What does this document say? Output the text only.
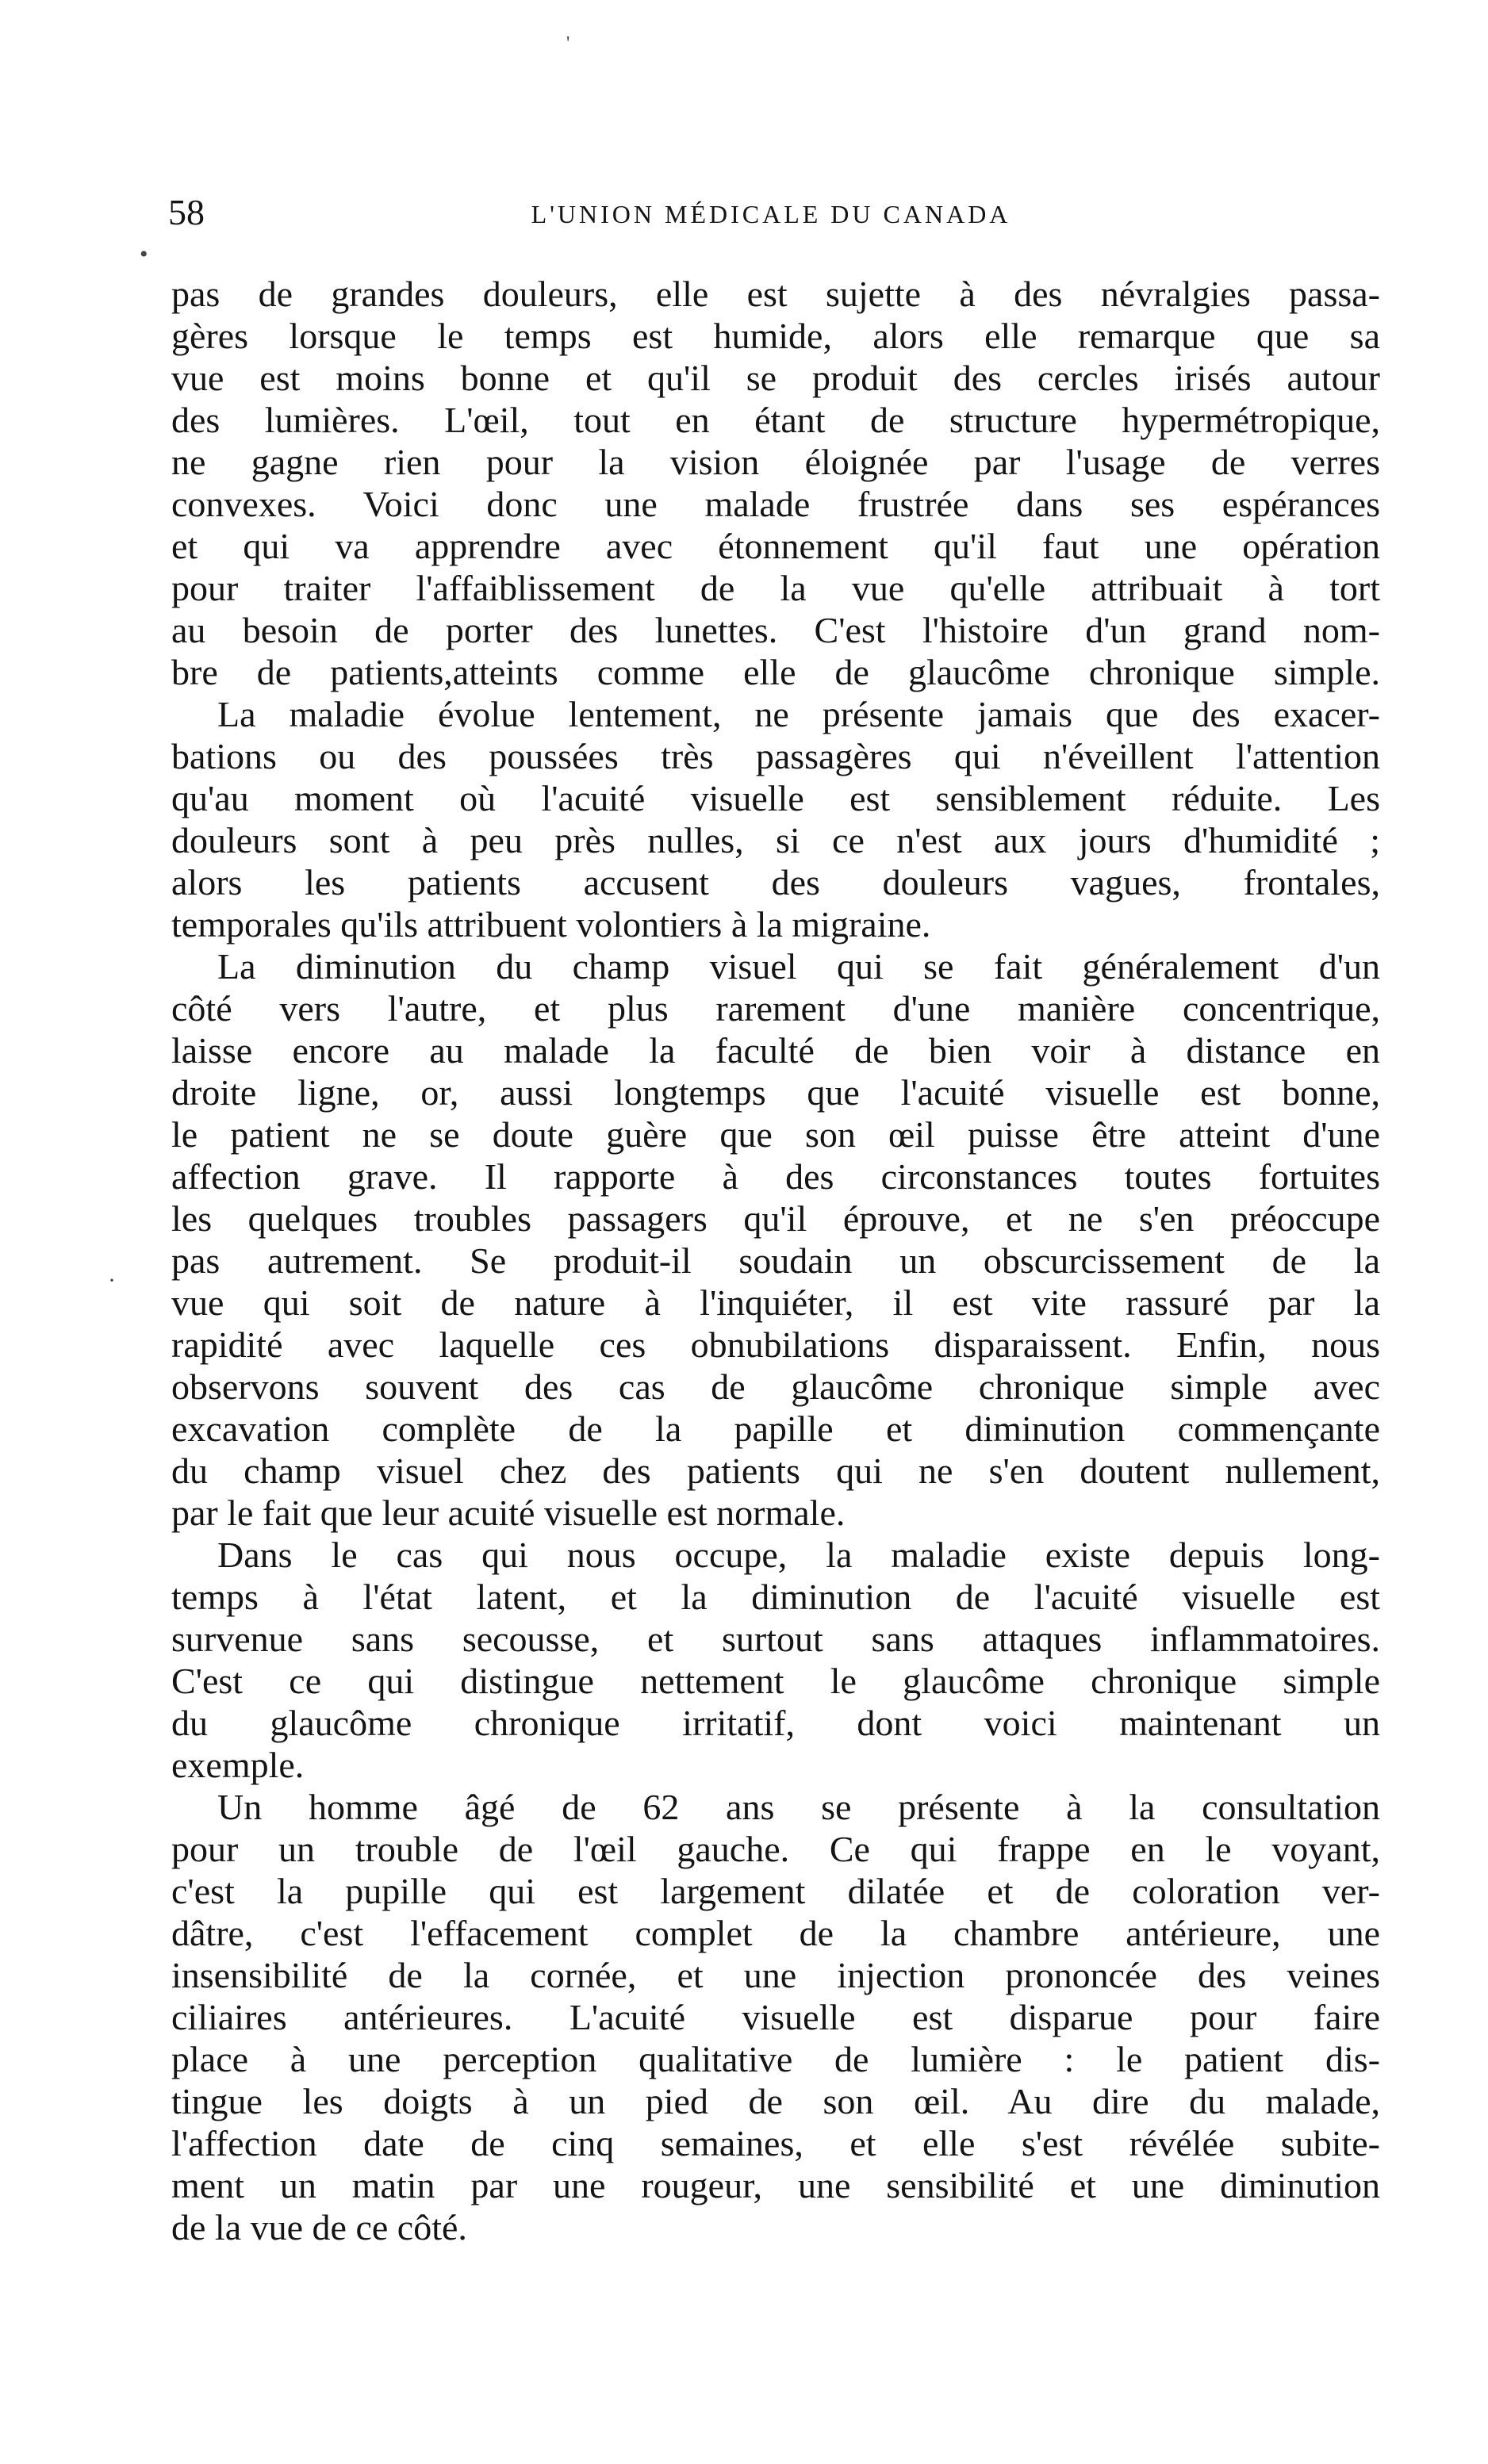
'
•
·
58	L'UNION MÉDICALE DU CANADA
pas de grandes douleurs, elle est sujette à des névralgies passa-
gères lorsque le temps est humide, alors elle remarque que sa
vue est moins bonne et qu'il se produit des cercles irisés autour
des lumières. L'œil, tout en étant de structure hypermétropique,
ne gagne rien pour la vision éloignée par l'usage de verres
convexes. Voici donc une malade frustrée dans ses espérances
et qui va apprendre avec étonnement qu'il faut une opération
pour traiter l'affaiblissement de la vue qu'elle attribuait à tort
au besoin de porter des lunettes. C'est l'histoire d'un grand nom-
bre de patients,atteints comme elle de glaucôme chronique simple.
La maladie évolue lentement, ne présente jamais que des exacer-
bations ou des poussées très passagères qui n'éveillent l'attention
qu'au moment où l'acuité visuelle est sensiblement réduite. Les
douleurs sont à peu près nulles, si ce n'est aux jours d'humidité ;
alors les patients accusent des douleurs vagues, frontales,
temporales qu'ils attribuent volontiers à la migraine.
La diminution du champ visuel qui se fait généralement d'un
côté vers l'autre, et plus rarement d'une manière concentrique,
laisse encore au malade la faculté de bien voir à distance en
droite ligne, or, aussi longtemps que l'acuité visuelle est bonne,
le patient ne se doute guère que son œil puisse être atteint d'une
affection grave. Il rapporte à des circonstances toutes fortuites
les quelques troubles passagers qu'il éprouve, et ne s'en préoccupe
pas autrement. Se produit-il soudain un obscurcissement de la
vue qui soit de nature à l'inquiéter, il est vite rassuré par la
rapidité avec laquelle ces obnubilations disparaissent. Enfin, nous
observons souvent des cas de glaucôme chronique simple avec
excavation complète de la papille et diminution commençante
du champ visuel chez des patients qui ne s'en doutent nullement,
par le fait que leur acuité visuelle est normale.
Dans le cas qui nous occupe, la maladie existe depuis long-
temps à l'état latent, et la diminution de l'acuité visuelle est
survenue sans secousse, et surtout sans attaques inflammatoires.
C'est ce qui distingue nettement le glaucôme chronique simple
du glaucôme chronique irritatif, dont voici maintenant un
exemple.
Un homme âgé de 62 ans se présente à la consultation
pour un trouble de l'œil gauche. Ce qui frappe en le voyant,
c'est la pupille qui est largement dilatée et de coloration ver-
dâtre, c'est l'effacement complet de la chambre antérieure, une
insensibilité de la cornée, et une injection prononcée des veines
ciliaires antérieures. L'acuité visuelle est disparue pour faire
place à une perception qualitative de lumière : le patient dis-
tingue les doigts à un pied de son œil. Au dire du malade,
l'affection date de cinq semaines, et elle s'est révélée subite-
ment un matin par une rougeur, une sensibilité et une diminution
de la vue de ce côté.
